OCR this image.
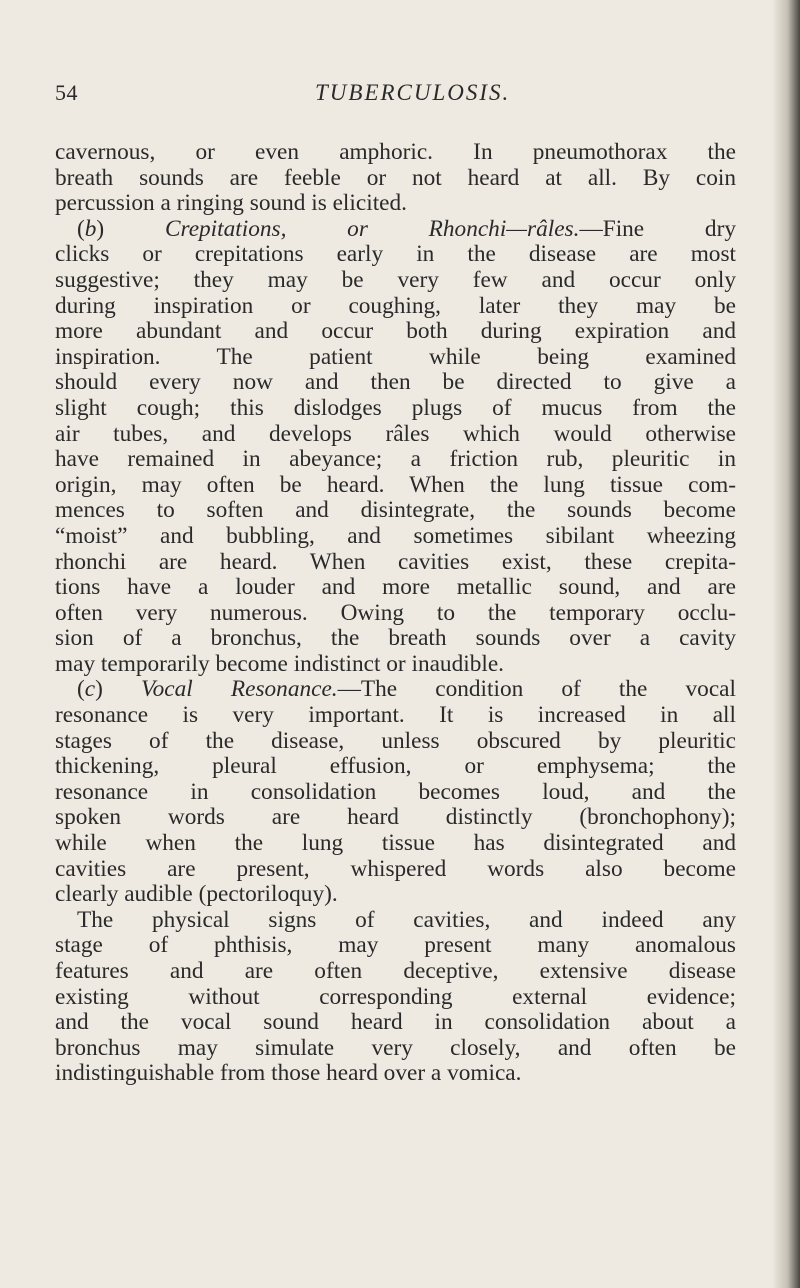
54	TUBERCULOSIS.
cavernous, or even amphoric. In pneumothorax the
breath sounds are feeble or not heard at all. By coin
percussion a ringing sound is elicited.
(b) Crepitations, or Rhonchi—râles.—Fine dry
clicks or crepitations early in the disease are most
suggestive; they may be very few and occur only
during inspiration or coughing, later they may be
more abundant and occur both during expiration and
inspiration. The patient while being examined
should every now and then be directed to give a
slight cough; this dislodges plugs of mucus from the
air tubes, and develops râles which would otherwise
have remained in abeyance; a friction rub, pleuritic in
origin, may often be heard. When the lung tissue com-
mences to soften and disintegrate, the sounds become
“moist” and bubbling, and sometimes sibilant wheezing
rhonchi are heard. When cavities exist, these crepita-
tions have a louder and more metallic sound, and are
often very numerous. Owing to the temporary occlu-
sion of a bronchus, the breath sounds over a cavity
may temporarily become indistinct or inaudible.
(c) Vocal Resonance.—The condition of the vocal
resonance is very important. It is increased in all
stages of the disease, unless obscured by pleuritic
thickening, pleural effusion, or emphysema; the
resonance in consolidation becomes loud, and the
spoken words are heard distinctly (bronchophony);
while when the lung tissue has disintegrated and
cavities are present, whispered words also become
clearly audible (pectoriloquy).
The physical signs of cavities, and indeed any
stage of phthisis, may present many anomalous
features and are often deceptive, extensive disease
existing without corresponding external evidence;
and the vocal sound heard in consolidation about a
bronchus may simulate very closely, and often be
indistinguishable from those heard over a vomica.
